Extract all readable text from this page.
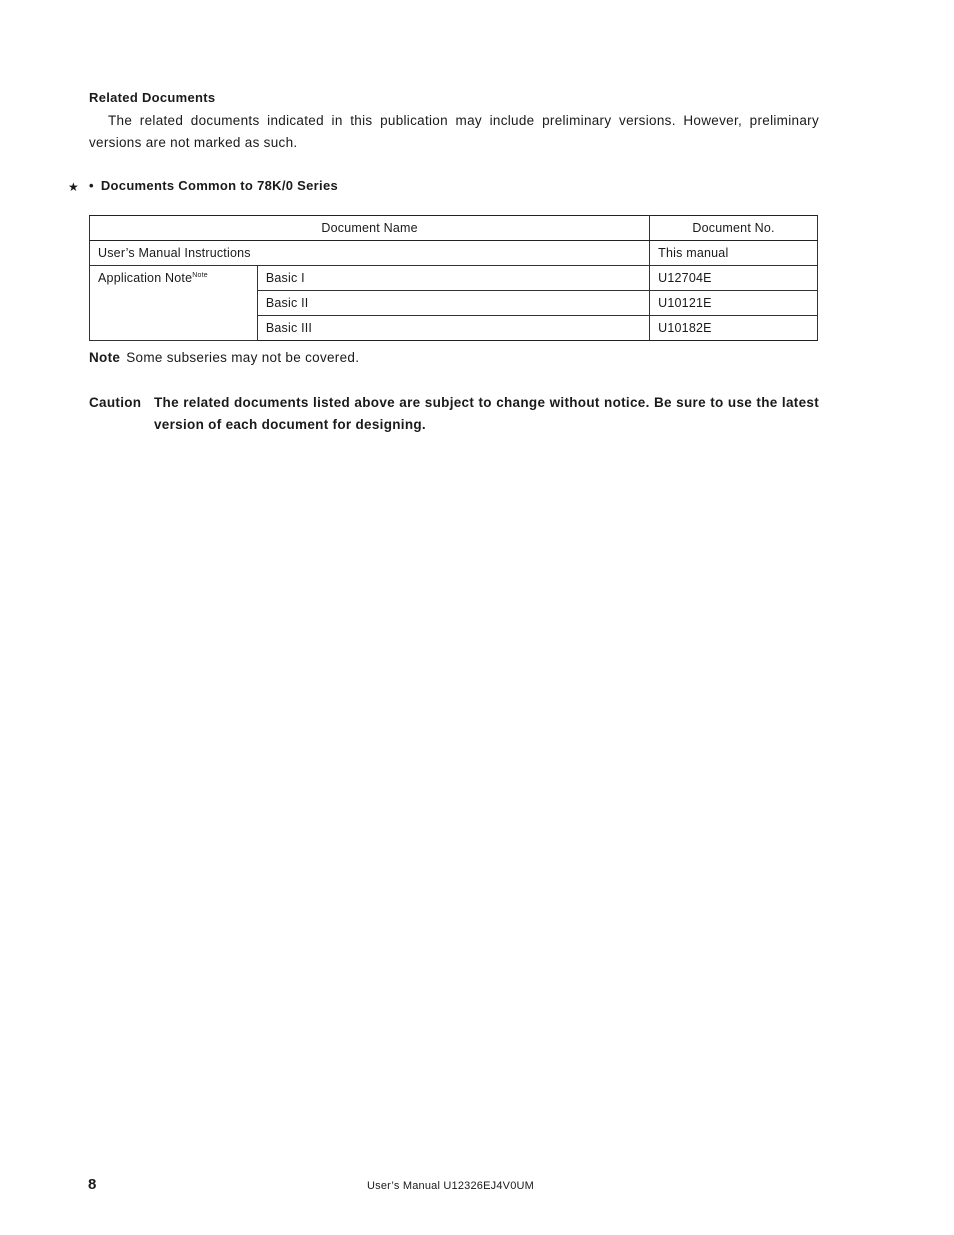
Related Documents
The related documents indicated in this publication may include preliminary versions. However, preliminary versions are not marked as such.
★ • Documents Common to 78K/0 Series
Document Name		Document No.
User’s Manual Instructions		This manual
Application Note$^{Note}$	Basic I	U12704E
	Basic II	U10121E
	Basic III	U10182E
Note Some subseries may not be covered.
Caution The related documents listed above are subject to change without notice. Be sure to use the latest version of each document for designing.
8	User’s Manual U12326EJ4V0UM
